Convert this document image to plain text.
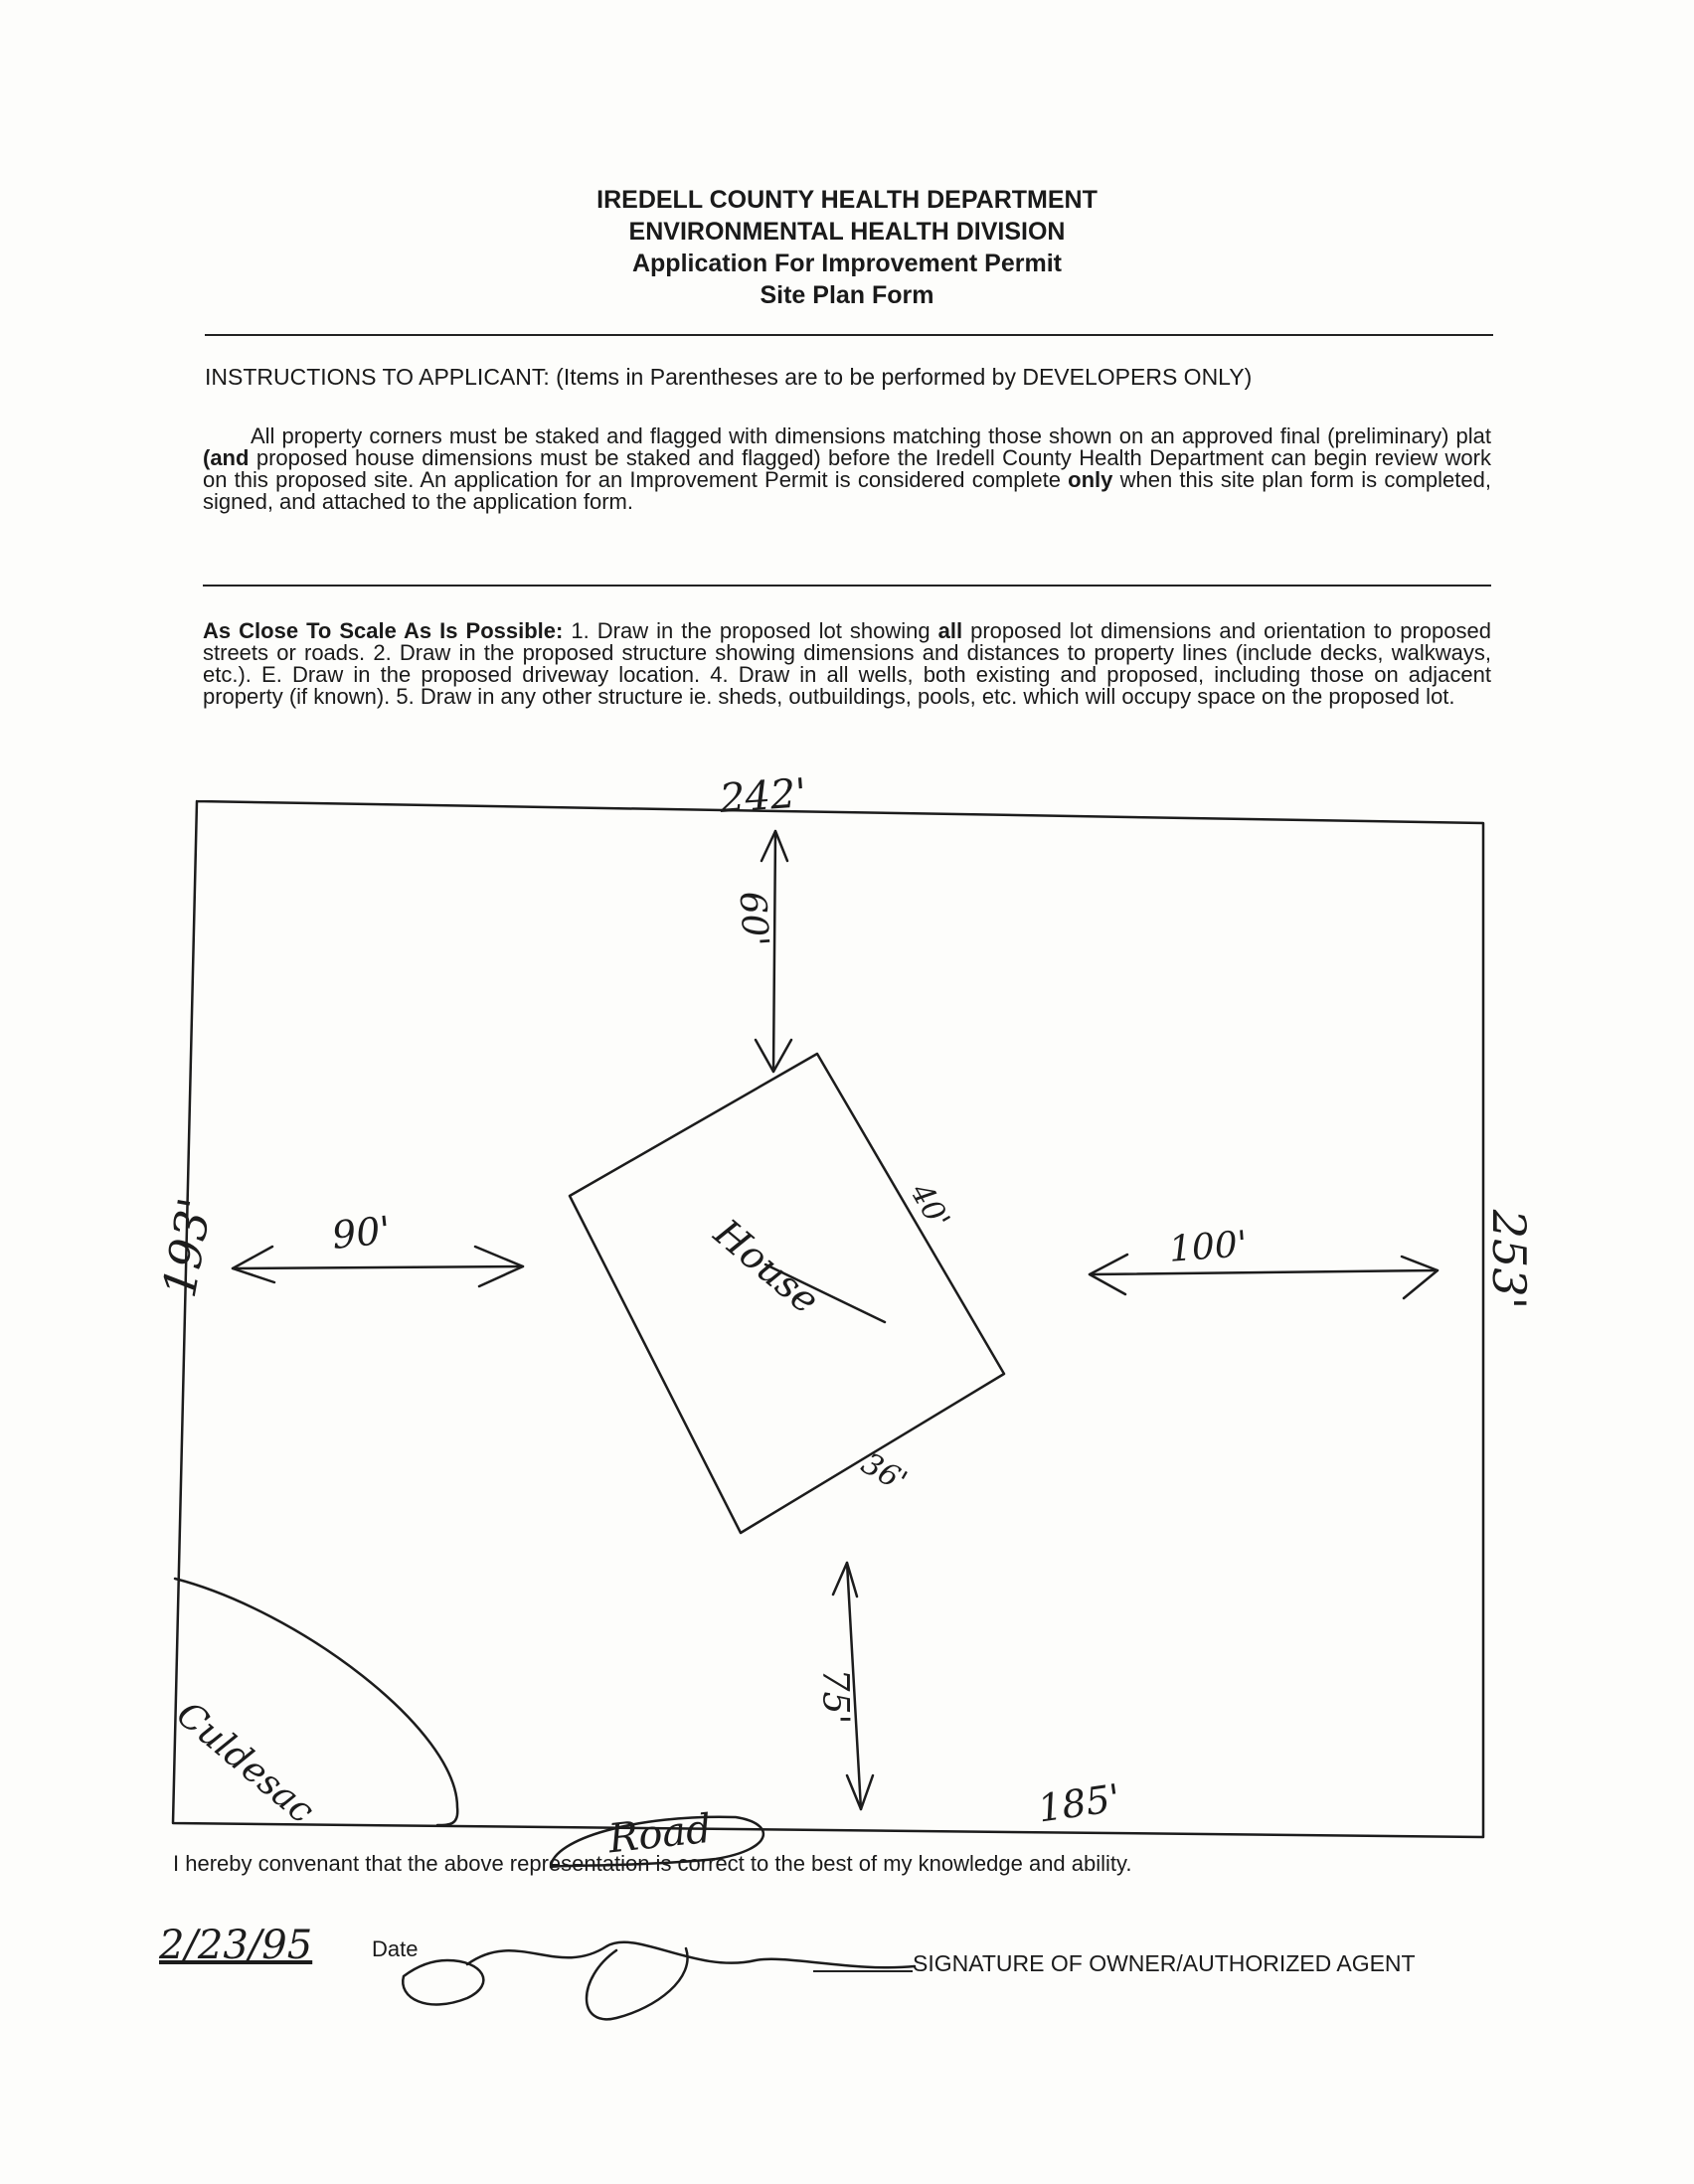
IREDELL COUNTY HEALTH DEPARTMENT
ENVIRONMENTAL HEALTH DIVISION
Application For Improvement Permit
Site Plan Form
INSTRUCTIONS TO APPLICANT: (Items in Parentheses are to be performed by DEVELOPERS ONLY)
All property corners must be staked and flagged with dimensions matching those shown on an approved final (preliminary) plat (and proposed house dimensions must be staked and flagged) before the Iredell County Health Department can begin review work on this proposed site. An application for an Improvement Permit is considered complete only when this site plan form is completed, signed, and attached to the application form.
As Close To Scale As Is Possible: 1. Draw in the proposed lot showing all proposed lot dimensions and orientation to proposed streets or roads. 2. Draw in the proposed structure showing dimensions and distances to property lines (include decks, walkways, etc.). E. Draw in the proposed driveway location. 4. Draw in all wells, both existing and proposed, including those on adjacent property (if known). 5. Draw in any other structure ie. sheds, outbuildings, pools, etc. which will occupy space on the proposed lot.
242'
60'
193'	90'	100'	253'
House
40'
36'
75'
185'
Culdesac
Road
I hereby convenant that the above representation is correct to the best of my knowledge and ability.
2/23/95	Date
SIGNATURE OF OWNER/AUTHORIZED AGENT
